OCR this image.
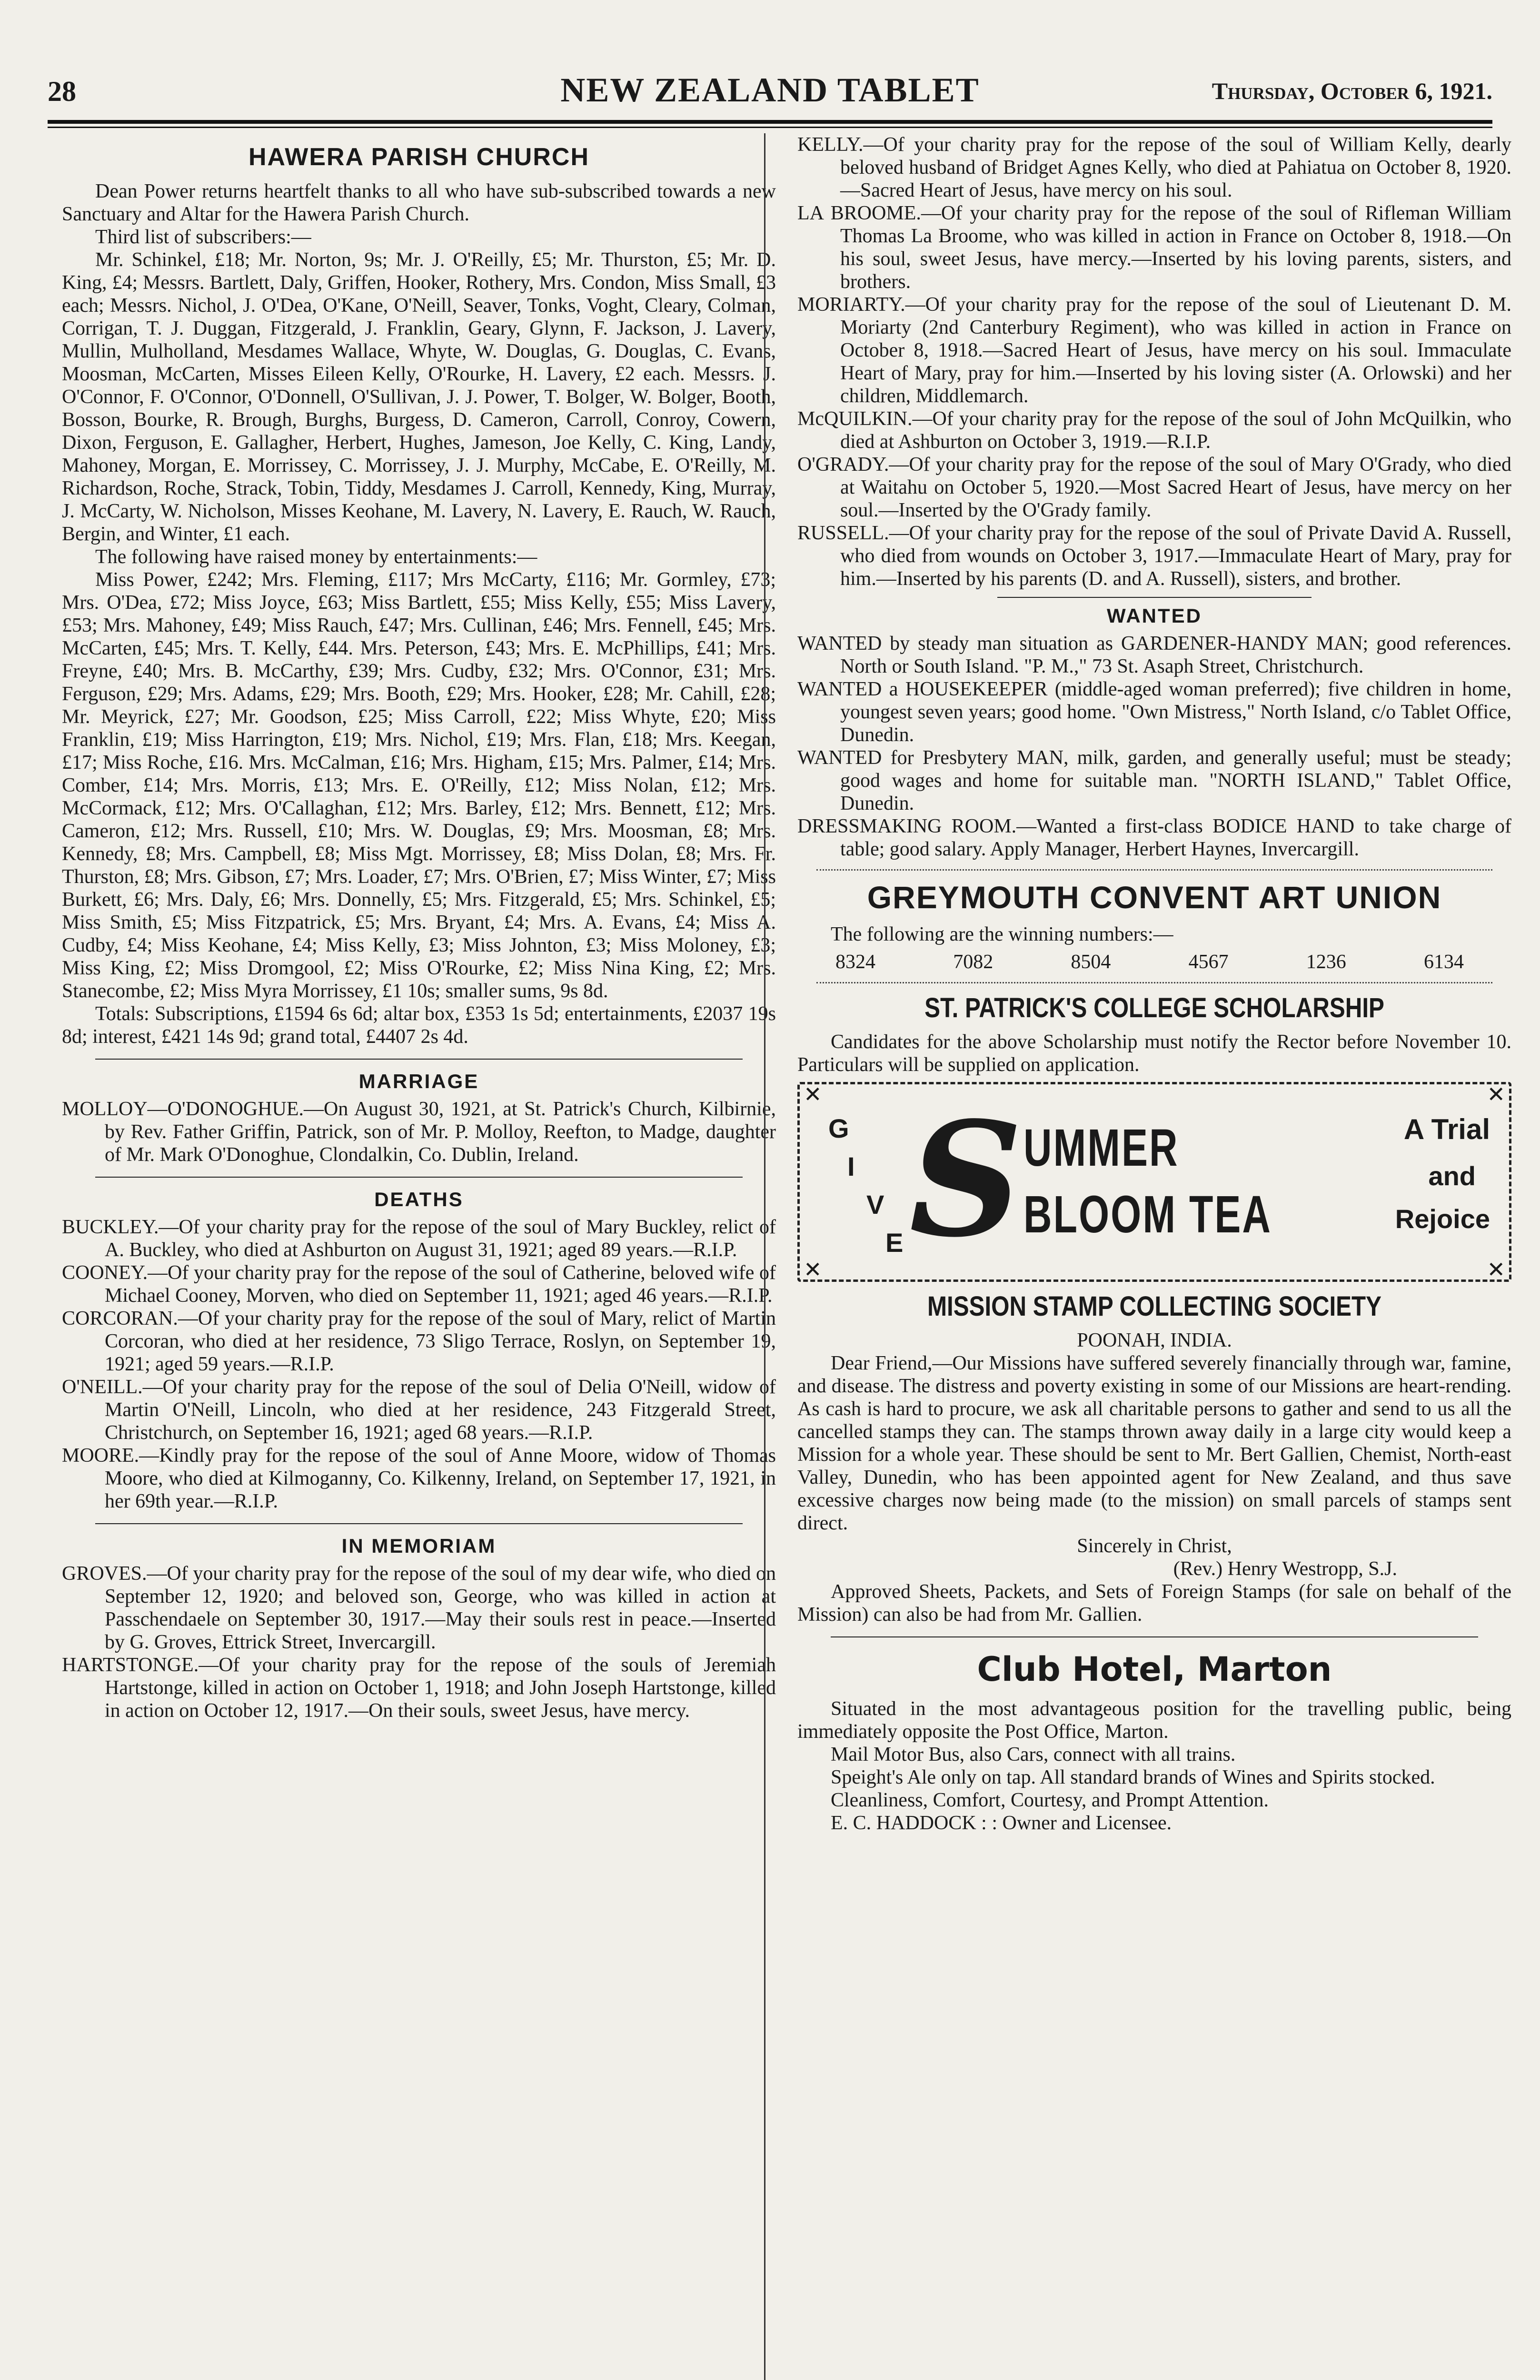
28	NEW ZEALAND TABLET	Thursday, October 6, 1921.
HAWERA PARISH CHURCH

Dean Power returns heartfelt thanks to all who have sub-subscribed towards a new Sanctuary and Altar for the Hawera Parish Church.

Third list of subscribers:—

Mr. Schinkel, £18; Mr. Norton, 9s; Mr. J. O'Reilly, £5; Mr. Thurston, £5; Mr. D. King, £4; Messrs. Bartlett, Daly, Griffen, Hooker, Rothery, Mrs. Condon, Miss Small, £3 each; Messrs. Nichol, J. O'Dea, O'Kane, O'Neill, Seaver, Tonks, Voght, Cleary, Colman, Corrigan, T. J. Duggan, Fitzgerald, J. Franklin, Geary, Glynn, F. Jackson, J. Lavery, Mullin, Mulholland, Mesdames Wallace, Whyte, W. Douglas, G. Douglas, C. Evans, Moosman, McCarten, Misses Eileen Kelly, O'Rourke, H. Lavery, £2 each. Messrs. J. O'Connor, F. O'Connor, O'Donnell, O'Sullivan, J. J. Power, T. Bolger, W. Bolger, Booth, Bosson, Bourke, R. Brough, Burghs, Burgess, D. Cameron, Carroll, Conroy, Cowern, Dixon, Ferguson, E. Gallagher, Herbert, Hughes, Jameson, Joe Kelly, C. King, Landy, Mahoney, Morgan, E. Morrissey, C. Morrissey, J. J. Murphy, McCabe, E. O'Reilly, M. Richardson, Roche, Strack, Tobin, Tiddy, Mesdames J. Carroll, Kennedy, King, Murray, J. McCarty, W. Nicholson, Misses Keohane, M. Lavery, N. Lavery, E. Rauch, W. Rauch, Bergin, and Winter, £1 each.

The following have raised money by entertainments:—

Miss Power, £242; Mrs. Fleming, £117; Mrs McCarty, £116; Mr. Gormley, £73; Mrs. O'Dea, £72; Miss Joyce, £63; Miss Bartlett, £55; Miss Kelly, £55; Miss Lavery, £53; Mrs. Mahoney, £49; Miss Rauch, £47; Mrs. Cullinan, £46; Mrs. Fennell, £45; Mrs. McCarten, £45; Mrs. T. Kelly, £44. Mrs. Peterson, £43; Mrs. E. McPhillips, £41; Mrs. Freyne, £40; Mrs. B. McCarthy, £39; Mrs. Cudby, £32; Mrs. O'Connor, £31; Mrs. Ferguson, £29; Mrs. Adams, £29; Mrs. Booth, £29; Mrs. Hooker, £28; Mr. Cahill, £28; Mr. Meyrick, £27; Mr. Goodson, £25; Miss Carroll, £22; Miss Whyte, £20; Miss Franklin, £19; Miss Harrington, £19; Mrs. Nichol, £19; Mrs. Flan, £18; Mrs. Keegan, £17; Miss Roche, £16. Mrs. McCalman, £16; Mrs. Higham, £15; Mrs. Palmer, £14; Mrs. Comber, £14; Mrs. Morris, £13; Mrs. E. O'Reilly, £12; Miss Nolan, £12; Mrs. McCormack, £12; Mrs. O'Callaghan, £12; Mrs. Barley, £12; Mrs. Bennett, £12; Mrs. Cameron, £12; Mrs. Russell, £10; Mrs. W. Douglas, £9; Mrs. Moosman, £8; Mrs. Kennedy, £8; Mrs. Campbell, £8; Miss Mgt. Morrissey, £8; Miss Dolan, £8; Mrs. Fr. Thurston, £8; Mrs. Gibson, £7; Mrs. Loader, £7; Mrs. O'Brien, £7; Miss Winter, £7; Miss Burkett, £6; Mrs. Daly, £6; Mrs. Donnelly, £5; Mrs. Fitzgerald, £5; Mrs. Schinkel, £5; Miss Smith, £5; Miss Fitzpatrick, £5; Mrs. Bryant, £4; Mrs. A. Evans, £4; Miss A. Cudby, £4; Miss Keohane, £4; Miss Kelly, £3; Miss Johnton, £3; Miss Moloney, £3; Miss King, £2; Miss Dromgool, £2; Miss O'Rourke, £2; Miss Nina King, £2; Mrs. Stanecombe, £2; Miss Myra Morrissey, £1 10s; smaller sums, 9s 8d.

Totals: Subscriptions, £1594 6s 6d; altar box, £353 1s 5d; entertainments, £2037 19s 8d; interest, £421 14s 9d; grand total, £4407 2s 4d.

MARRIAGE

MOLLOY—O'DONOGHUE.—On August 30, 1921, at St. Patrick's Church, Kilbirnie, by Rev. Father Griffin, Patrick, son of Mr. P. Molloy, Reefton, to Madge, daughter of Mr. Mark O'Donoghue, Clondalkin, Co. Dublin, Ireland.

DEATHS

BUCKLEY.—Of your charity pray for the repose of the soul of Mary Buckley, relict of A. Buckley, who died at Ashburton on August 31, 1921; aged 89 years.—R.I.P.

COONEY.—Of your charity pray for the repose of the soul of Catherine, beloved wife of Michael Cooney, Morven, who died on September 11, 1921; aged 46 years.—R.I.P.

CORCORAN.—Of your charity pray for the repose of the soul of Mary, relict of Martin Corcoran, who died at her residence, 73 Sligo Terrace, Roslyn, on September 19, 1921; aged 59 years.—R.I.P.

O'NEILL.—Of your charity pray for the repose of the soul of Delia O'Neill, widow of Martin O'Neill, Lincoln, who died at her residence, 243 Fitzgerald Street, Christchurch, on September 16, 1921; aged 68 years.—R.I.P.

MOORE.—Kindly pray for the repose of the soul of Anne Moore, widow of Thomas Moore, who died at Kilmoganny, Co. Kilkenny, Ireland, on September 17, 1921, in her 69th year.—R.I.P.

IN MEMORIAM

GROVES.—Of your charity pray for the repose of the soul of my dear wife, who died on September 12, 1920; and beloved son, George, who was killed in action at Passchendaele on September 30, 1917.—May their souls rest in peace.—Inserted by G. Groves, Ettrick Street, Invercargill.

HARTSTONGE.—Of your charity pray for the repose of the souls of Jeremiah Hartstonge, killed in action on October 1, 1918; and John Joseph Hartstonge, killed in action on October 12, 1917.—On their souls, sweet Jesus, have mercy.

KELLY.—Of your charity pray for the repose of the soul of William Kelly, dearly beloved husband of Bridget Agnes Kelly, who died at Pahiatua on October 8, 1920.—Sacred Heart of Jesus, have mercy on his soul.

LA BROOME.—Of your charity pray for the repose of the soul of Rifleman William Thomas La Broome, who was killed in action in France on October 8, 1918.—On his soul, sweet Jesus, have mercy.—Inserted by his loving parents, sisters, and brothers.

MORIARTY.—Of your charity pray for the repose of the soul of Lieutenant D. M. Moriarty (2nd Canterbury Regiment), who was killed in action in France on October 8, 1918.—Sacred Heart of Jesus, have mercy on his soul. Immaculate Heart of Mary, pray for him.—Inserted by his loving sister (A. Orlowski) and her children, Middlemarch.

McQUILKIN.—Of your charity pray for the repose of the soul of John McQuilkin, who died at Ashburton on October 3, 1919.—R.I.P.

O'GRADY.—Of your charity pray for the repose of the soul of Mary O'Grady, who died at Waitahu on October 5, 1920.—Most Sacred Heart of Jesus, have mercy on her soul.—Inserted by the O'Grady family.

RUSSELL.—Of your charity pray for the repose of the soul of Private David A. Russell, who died from wounds on October 3, 1917.—Immaculate Heart of Mary, pray for him.—Inserted by his parents (D. and A. Russell), sisters, and brother.

WANTED

WANTED by steady man situation as GARDENER-HANDY MAN; good references. North or South Island. "P. M.," 73 St. Asaph Street, Christchurch.

WANTED a HOUSEKEEPER (middle-aged woman preferred); five children in home, youngest seven years; good home. "Own Mistress," North Island, c/o Tablet Office, Dunedin.

WANTED for Presbytery MAN, milk, garden, and generally useful; must be steady; good wages and home for suitable man. "NORTH ISLAND," Tablet Office, Dunedin.

DRESSMAKING ROOM.—Wanted a first-class BODICE HAND to take charge of table; good salary. Apply Manager, Herbert Haynes, Invercargill.

GREYMOUTH CONVENT ART UNION

The following are the winning numbers:—

8324	7082	8504	4567	1236	6134
ST. PATRICK'S COLLEGE SCHOLARSHIP

Candidates for the above Scholarship must notify the Rector before November 10. Particulars will be supplied on application.

✕	✕
✕	✕
G
I
V
E S UMMER
BLOOM TEA
A Trial
and
Rejoice
MISSION STAMP COLLECTING SOCIETY

POONAH, INDIA.

Dear Friend,—Our Missions have suffered severely financially through war, famine, and disease. The distress and poverty existing in some of our Missions are heart-rending. As cash is hard to procure, we ask all charitable persons to gather and send to us all the cancelled stamps they can. The stamps thrown away daily in a large city would keep a Mission for a whole year. These should be sent to Mr. Bert Gallien, Chemist, North-east Valley, Dunedin, who has been appointed agent for New Zealand, and thus save excessive charges now being made (to the mission) on small parcels of stamps sent direct.

Sincerely in Christ,

(Rev.) Henry Westropp, S.J.

Approved Sheets, Packets, and Sets of Foreign Stamps (for sale on behalf of the Mission) can also be had from Mr. Gallien.

Club Hotel, Marton

Situated in the most advantageous position for the travelling public, being immediately opposite the Post Office, Marton.

Mail Motor Bus, also Cars, connect with all trains.

Speight's Ale only on tap. All standard brands of Wines and Spirits stocked.

Cleanliness, Comfort, Courtesy, and Prompt Attention.

E. C. HADDOCK : : Owner and Licensee.
